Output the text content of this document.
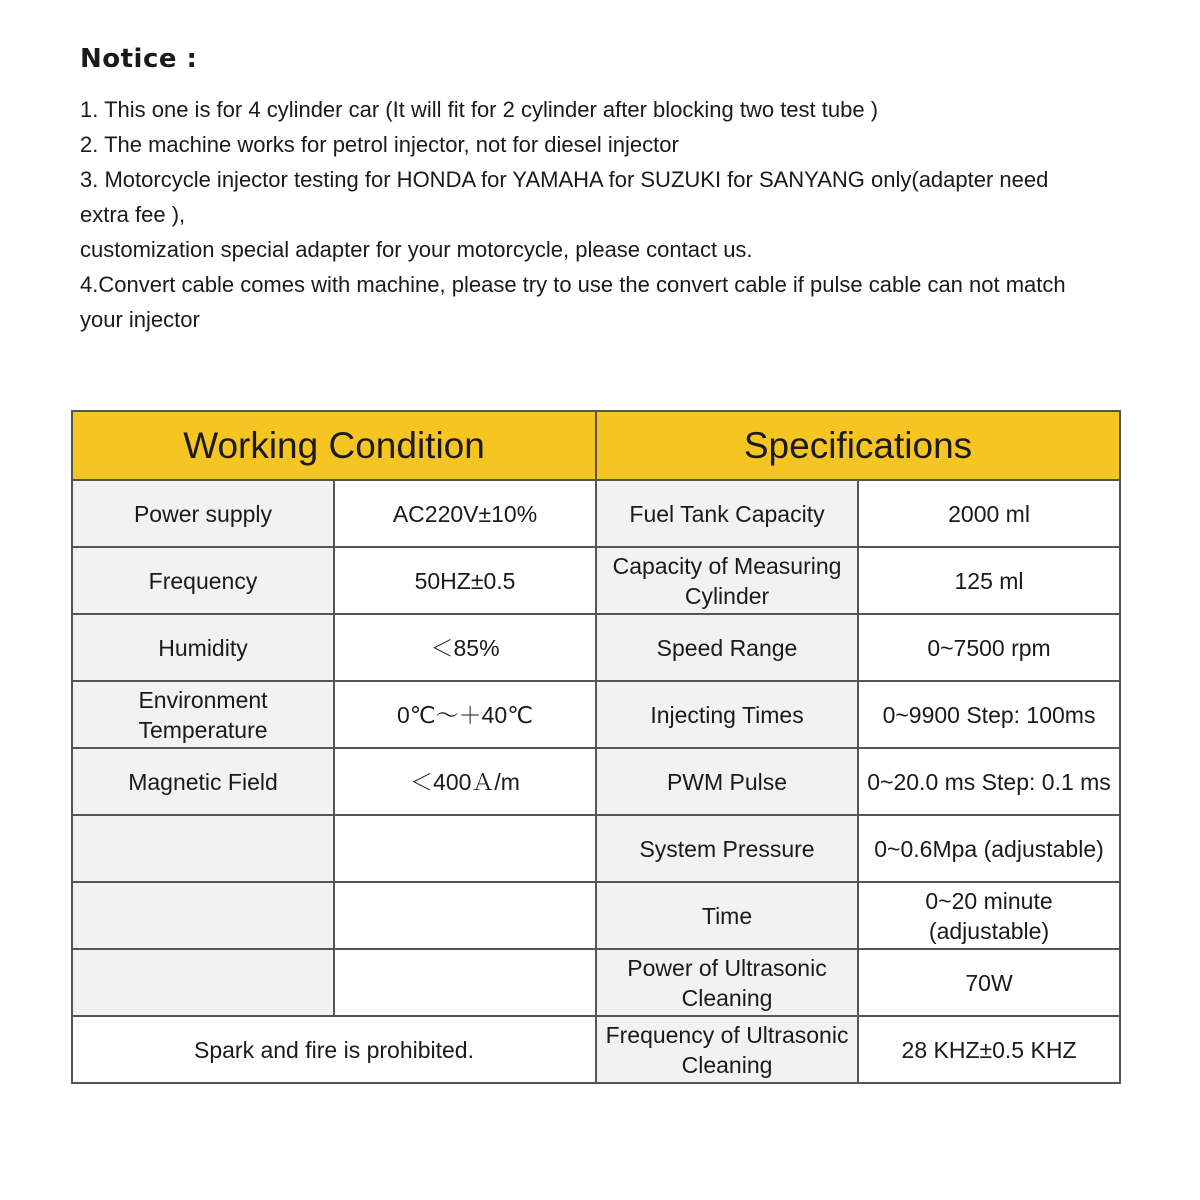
Notice :

1. This one is for 4 cylinder car (It will fit for 2 cylinder after blocking two test tube )

2. The machine works for petrol injector, not for diesel injector

3. Motorcycle injector testing for HONDA for YAMAHA for SUZUKI for SANYANG only(adapter need

extra fee ),

customization special adapter for your motorcycle, please contact us.

4.Convert cable comes with machine, please try to use the convert cable if pulse cable can not match

your injector

Working Condition		Specifications	
Power supply	AC220V±10%	Fuel Tank Capacity	2000 ml
Frequency	50HZ±0.5	Capacity of Measuring Cylinder	125 ml
Humidity	＜85%	Speed Range	0~7500 rpm
Environment Temperature	0℃～＋40℃	Injecting Times	0~9900 Step: 100ms
Magnetic Field	＜400Ａ/m	PWM Pulse	0~20.0 ms Step: 0.1 ms
		System Pressure	0~0.6Mpa (adjustable)
		Time	0~20 minute (adjustable)
		Power of Ultrasonic Cleaning	70W
Spark and fire is prohibited.		Frequency of Ultrasonic Cleaning	28 KHZ±0.5 KHZ
